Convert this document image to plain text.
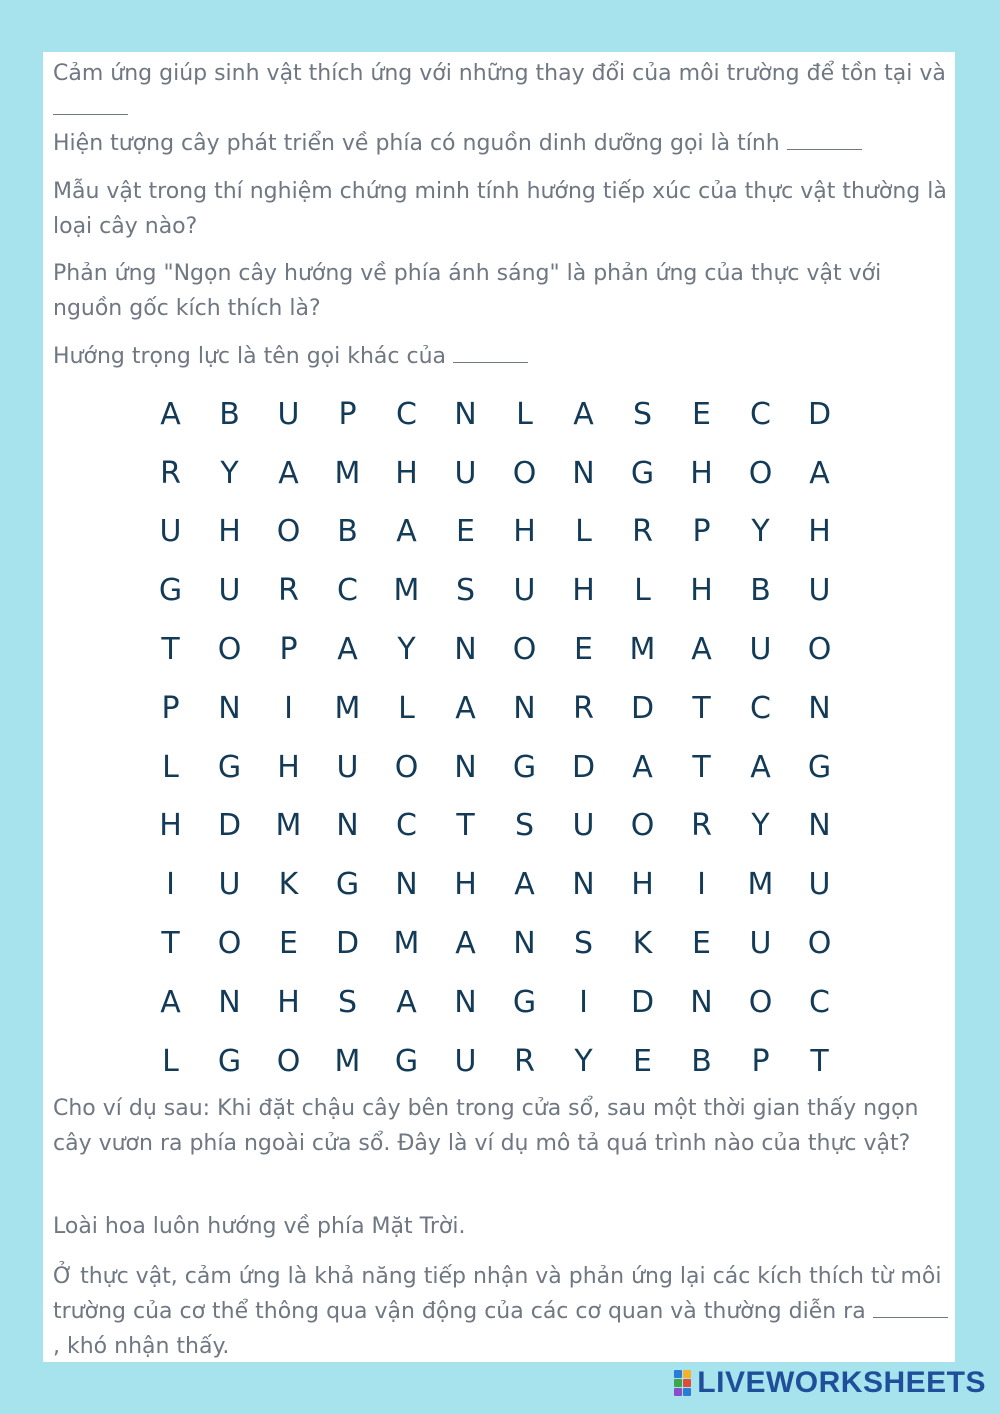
Cảm ứng giúp sinh vật thích ứng với những thay đổi của môi trường để tồn tại và

Hiện tượng cây phát triển về phía có nguồn dinh dưỡng gọi là tính

Mẫu vật trong thí nghiệm chứng minh tính hướng tiếp xúc của thực vật thường là loại cây nào?

Phản ứng "Ngọn cây hướng về phía ánh sáng" là phản ứng của thực vật với nguồn gốc kích thích là?

Hướng trọng lực là tên gọi khác của

A	B	U	P	C	N	L	A	S	E	C	D
R	Y	A	M	H	U	O	N	G	H	O	A
U	H	O	B	A	E	H	L	R	P	Y	H
G	U	R	C	M	S	U	H	L	H	B	U
T	O	P	A	Y	N	O	E	M	A	U	O
P	N	I	M	L	A	N	R	D	T	C	N
L	G	H	U	O	N	G	D	A	T	A	G
H	D	M	N	C	T	S	U	O	R	Y	N
I	U	K	G	N	H	A	N	H	I	M	U
T	O	E	D	M	A	N	S	K	E	U	O
A	N	H	S	A	N	G	I	D	N	O	C
L	G	O	M	G	U	R	Y	E	B	P	T

Cho ví dụ sau: Khi đặt chậu cây bên trong cửa sổ, sau một thời gian thấy ngọn cây vươn ra phía ngoài cửa sổ. Đây là ví dụ mô tả quá trình nào của thực vật?

Loài hoa luôn hướng về phía Mặt Trời.

Ở thực vật, cảm ứng là khả năng tiếp nhận và phản ứng lại các kích thích từ môi trường của cơ thể thông qua vận động của các cơ quan và thường diễn ra  , khó nhận thấy.

LIVEWORKSHEETS
